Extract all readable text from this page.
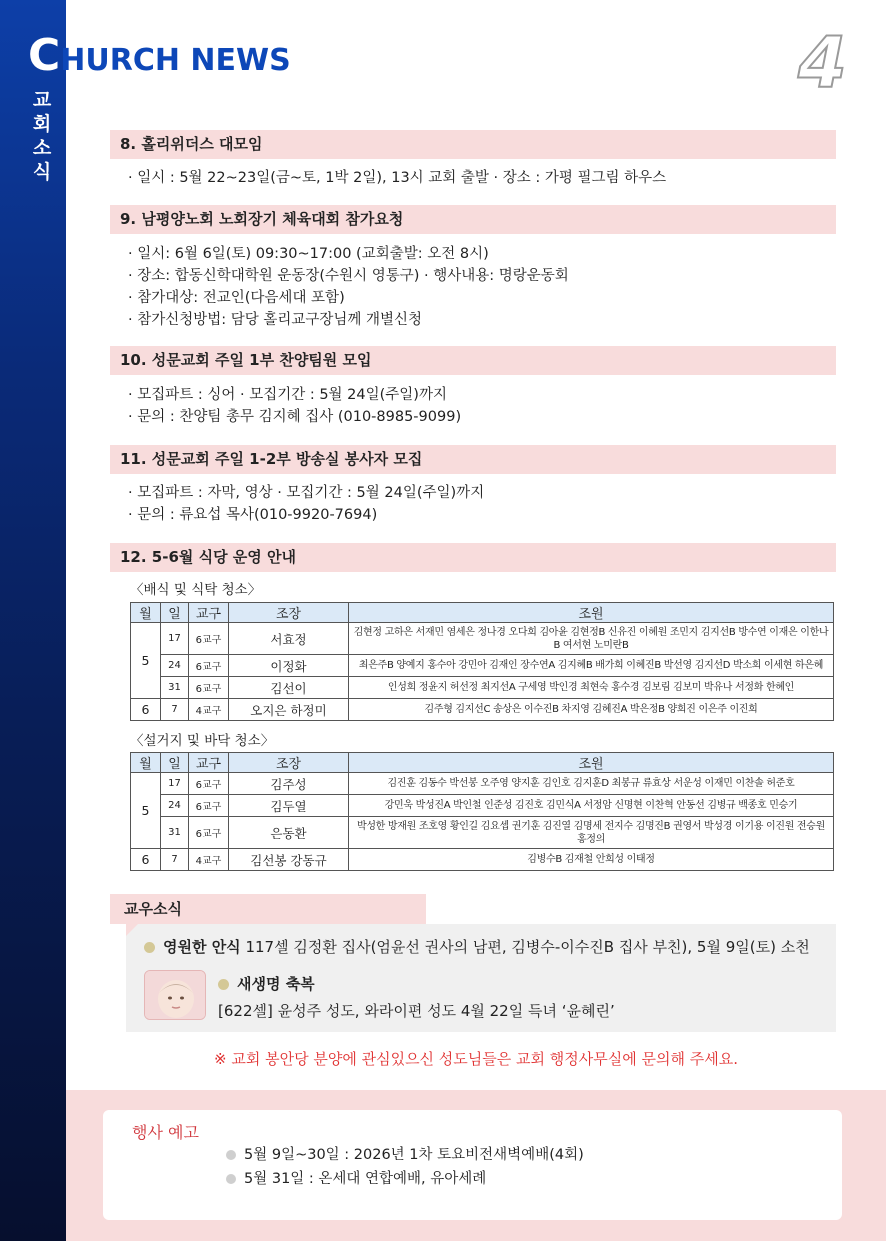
교
회
소
식
CHURCH NEWS	4
8. 홀리위더스 대모임
· 일시 : 5월 22~23일(금~토, 1박 2일), 13시 교회 출발 · 장소 : 가평 필그림 하우스
9. 남평양노회 노회장기 체육대회 참가요청
· 일시: 6월 6일(토) 09:30~17:00 (교회출발: 오전 8시)
· 장소: 합동신학대학원 운동장(수원시 영통구) · 행사내용: 명랑운동회
· 참가대상: 전교인(다음세대 포함)
· 참가신청방법: 담당 홀리교구장님께 개별신청
10. 성문교회 주일 1부 찬양팀원 모입
· 모집파트 : 싱어 · 모집기간 : 5월 24일(주일)까지
· 문의 : 찬양팀 총무 김지혜 집사 (010-8985-9099)
11. 성문교회 주일 1-2부 방송실 봉사자 모집
· 모집파트 : 자막, 영상 · 모집기간 : 5월 24일(주일)까지
· 문의 : 류요섭 목사(010-9920-7694)
12. 5-6월 식당 운영 안내
〈배식 및 식탁 청소〉
월	일	교구	조장	조원
5	17	6교구	서효정	김현정 고하은 서재민 염세은 정나경 오다희 김아윤 김현정B 신유진 이혜원 조민지 김지선B 방수연 이재은 이한나B 여서현 노미란B
	24	6교구	이정화	최은주B 양예지 홍수아 강민아 김재인 장수연A 김지혜B 배가희 이혜진B 박선영 김지선D 박소희 이세현 하은혜
	31	6교구	김선이	인성희 정윤지 허선정 최지선A 구세영 박인경 최현숙 홍수경 김보림 김보미 박유나 서정화 한혜인
6	7	4교구	오지은 하정미	김주형 김지선C 송상은 이수진B 차지영 김혜진A 박은정B 양희진 이은주 이진희
〈설거지 및 바닥 청소〉
월	일	교구	조장	조원
5	17	6교구	김주성	김진훈 김동수 박선봉 오주영 양지훈 김인호 김지훈D 최봉규 류효상 서운성 이재민 이찬솔 허준호
	24	6교구	김두열	강민욱 박성진A 박인철 인준성 김진호 김민식A 서정암 신명현 이찬혁 안동선 김병규 백종호 민승기
	31	6교구	은동환	박성한 방재원 조호영 황인길 김요셉 권기훈 김진열 김명세 전지수 김명진B 권영서 박성경 이기용 이진원 전승원 홍정의
6	7	4교구	김선봉 강동규	김병수B 김재철 안희성 이태정
교우소식
영원한 안식 117셀 김정환 집사(엄윤선 권사의 남편, 김병수-이수진B 집사 부친), 5월 9일(토) 소천
새생명 축복
[622셀] 윤성주 성도, 와라이편 성도 4월 22일 득녀 ‘윤혜린’
※ 교회 봉안당 분양에 관심있으신 성도님들은 교회 행정사무실에 문의해 주세요.
행사 예고
5월 9일~30일 : 2026년 1차 토요비전새벽예배(4회)
5월 31일 : 온세대 연합예배, 유아세례
